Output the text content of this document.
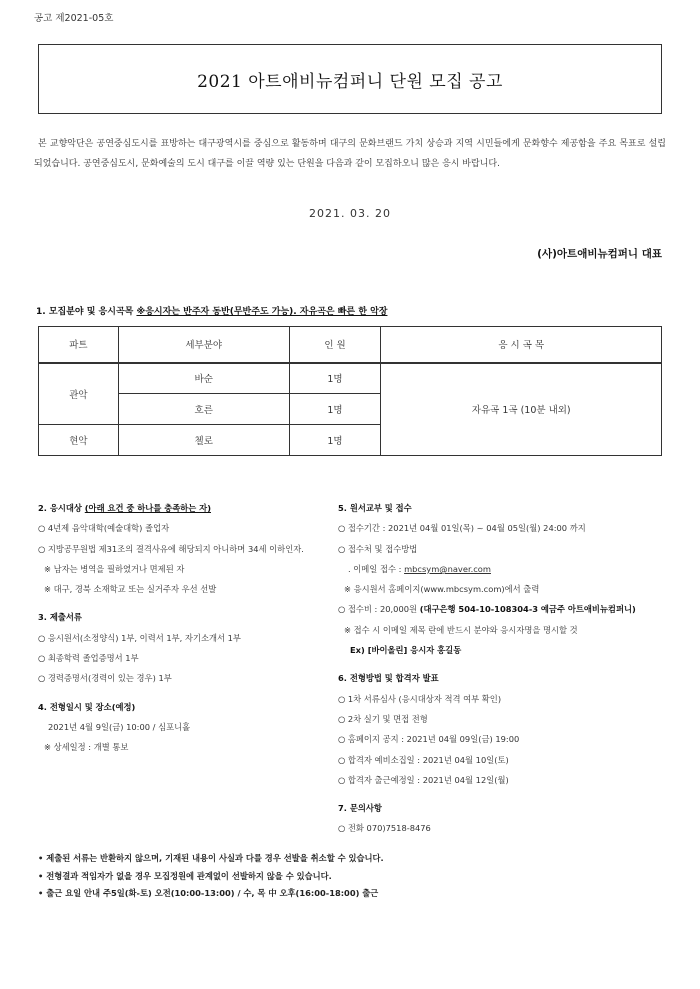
공고 제2021-05호
2021 아트애비뉴컴퍼니 단원 모집 공고

본 교향악단은 공연중심도시를 표방하는 대구광역시를 중심으로 활동하며 대구의 문화브랜드 가치 상승과 지역 시민들에게 문화향수 제공함을 주요 목표로 설립되었습니다. 공연중심도시, 문화예술의 도시 대구를 이끌 역량 있는 단원을 다음과 같이 모집하오니 많은 응시 바랍니다.

2021. 03. 20
(사)아트애비뉴컴퍼니 대표
1. 모집분야 및 응시곡목 ※응시자는 반주자 동반(무반주도 가능). 자유곡은 빠른 한 악장
파트	세부분야	인 원	응 시 곡 목
관악	바순	1명	자유곡 1곡 (10분 내외)
	호른	1명	
현악	첼로	1명	
2. 응시대상 (아래 요건 중 하나를 충족하는 자)
○ 4년제 음악대학(예술대학) 졸업자
○ 지방공무원법 제31조의 결격사유에 해당되지 아니하며 34세 이하인자.
※ 남자는 병역을 필하였거나 면제된 자
※ 대구, 경북 소재학교 또는 실거주자 우선 선발
3. 제출서류
○ 응시원서(소정양식) 1부, 이력서 1부, 자기소개서 1부
○ 최종학력 졸업증명서 1부
○ 경력증명서(경력이 있는 경우) 1부
4. 전형일시 및 장소(예정)
2021년 4월 9일(금) 10:00 / 심포니홀
※ 상세일정 : 개별 통보
5. 원서교부 및 접수
○ 접수기간 : 2021년 04월 01일(목) ~ 04월 05일(월) 24:00 까지
○ 접수처 및 접수방법
. 이메일 접수 : mbcsym@naver.com
※ 응시원서 홈페이지(www.mbcsym.com)에서 출력
○ 접수비 : 20,000원 (대구은행 504-10-108304-3 예금주 아트애비뉴컴퍼니)
※ 접수 시 이메일 제목 란에 반드시 분야와 응시자명을 명시할 것
Ex) [바이올린] 응시자 홍길동
6. 전형방법 및 합격자 발표
○ 1차 서류심사 (응시대상자 적격 여부 확인)
○ 2차 실기 및 면접 전형
○ 홈페이지 공지 : 2021년 04월 09일(금) 19:00
○ 합격자 예비소집일 : 2021년 04월 10일(토)
○ 합격자 출근예정일 : 2021년 04월 12일(월)
7. 문의사항
○ 전화 070)7518-8476
• 제출된 서류는 반환하지 않으며, 기재된 내용이 사실과 다를 경우 선발을 취소할 수 있습니다.
• 전형결과 적임자가 없을 경우 모집정원에 관계없이 선발하지 않을 수 있습니다.
• 출근 요일 안내 주5일(화-토) 오전(10:00-13:00) / 수, 목 中 오후(16:00-18:00) 출근
